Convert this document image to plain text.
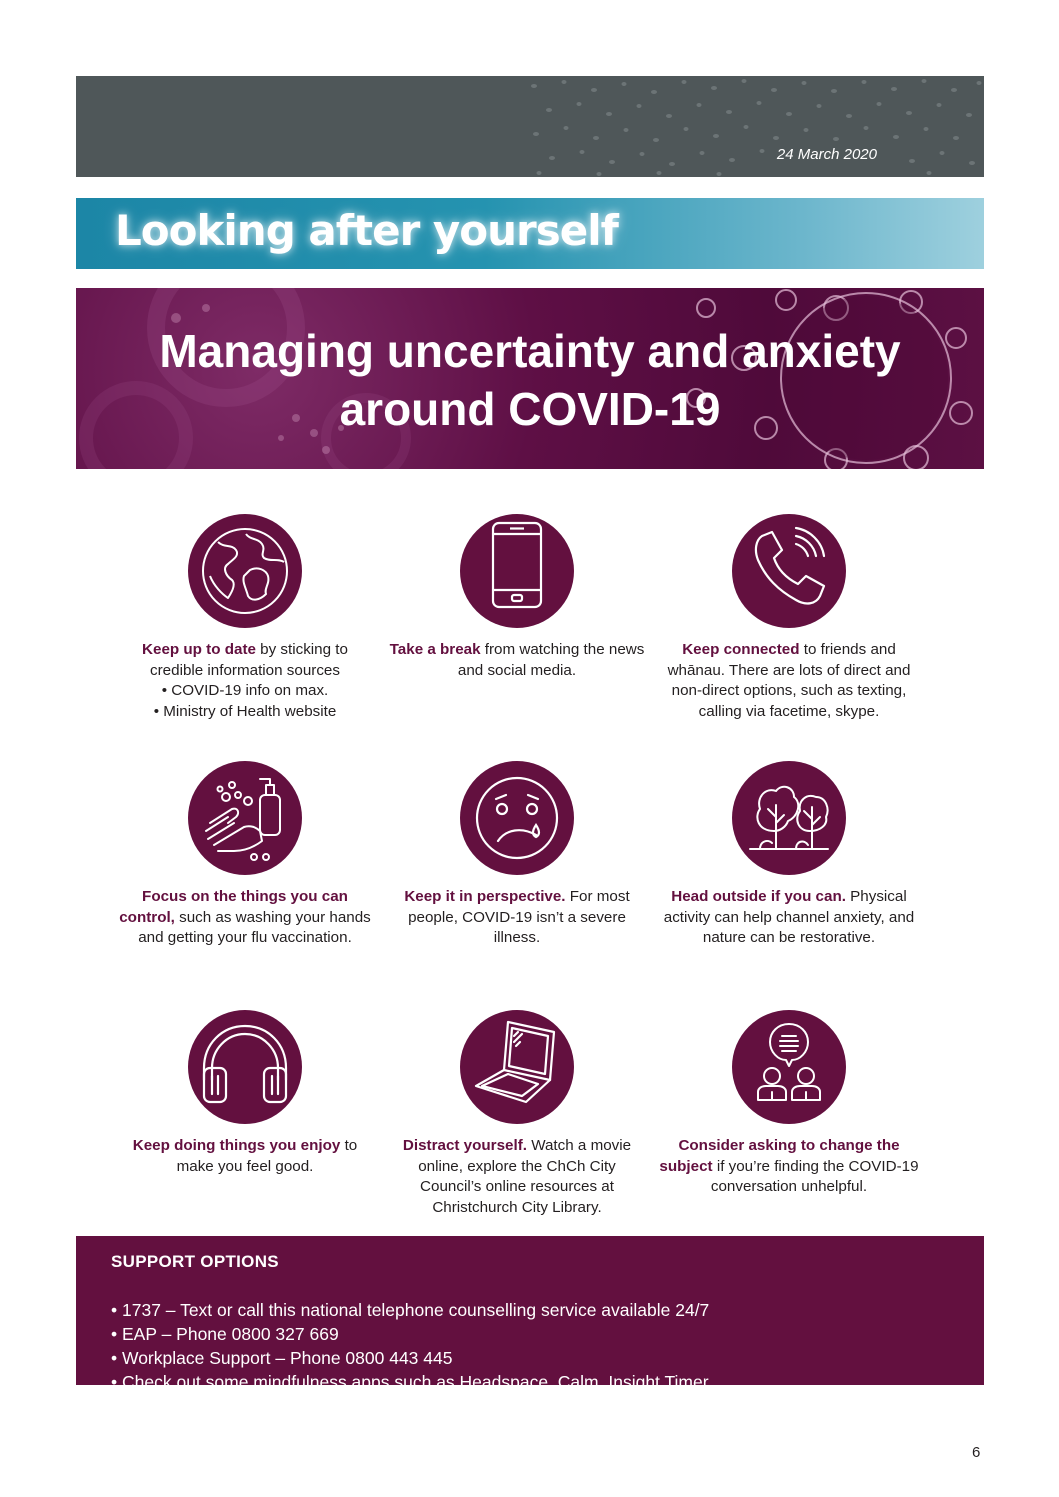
24 March 2020
Looking after yourself
Managing uncertainty and anxiety
around COVID-19

Keep up to date by sticking to credible information sources
• COVID-19 info on max.
• Ministry of Health website

Take a break from watching the news and social media.

Keep connected to friends and whānau. There are lots of direct and non-direct options, such as texting, calling via facetime, skype.

Focus on the things you can control, such as washing your hands and getting your flu vaccination.

Keep it in perspective. For most people, COVID-19 isn’t a severe illness.

Head outside if you can. Physical activity can help channel anxiety, and nature can be restorative.

Keep doing things you enjoy to make you feel good.

Distract yourself. Watch a movie online, explore the ChCh City Council’s online resources at Christchurch City Library.

Consider asking to change the subject if you’re finding the COVID-19 conversation unhelpful.

SUPPORT OPTIONS
• 1737 – Text or call this national telephone counselling service available 24/7
• EAP – Phone 0800 327 669
• Workplace Support – Phone 0800 443 445
• Check out some mindfulness apps such as Headspace, Calm, Insight Timer
• If you have symptoms of COVID-19 call Healthline on 0800 358 5453
6
